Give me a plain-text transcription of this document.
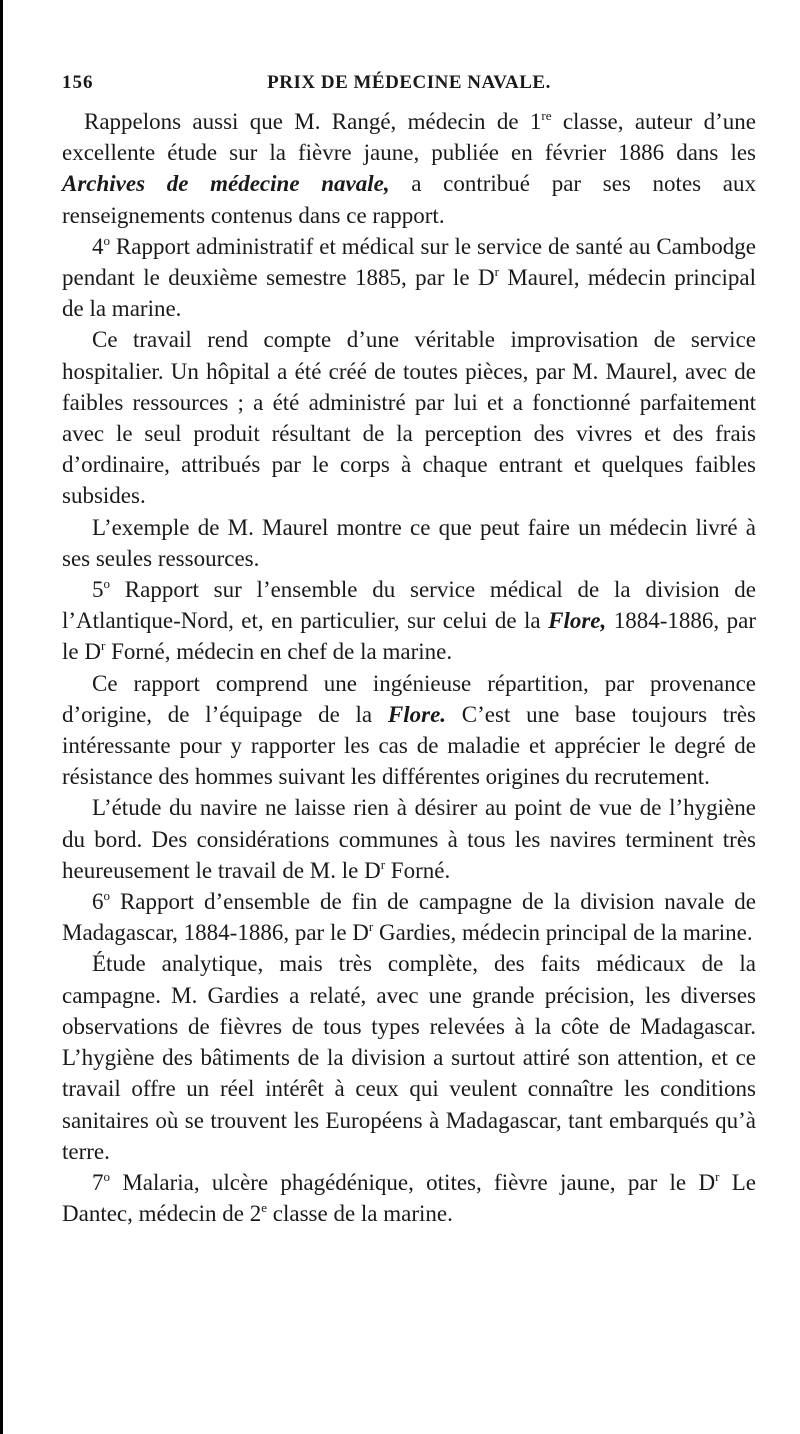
156	PRIX DE MÉDECINE NAVALE.

Rappelons aussi que M. Rangé, médecin de 1re classe, auteur d’une excellente étude sur la fièvre jaune, publiée en février 1886 dans les Archives de médecine navale, a contribué par ses notes aux renseignements contenus dans ce rapport.

4$^o$ Rapport administratif et médical sur le service de santé au Cambodge pendant le deuxième semestre 1885, par le $D^r$ Maurel, médecin principal de la marine.

Ce travail rend compte d’une véritable improvisation de service hospitalier. Un hôpital a été créé de toutes pièces, par M. Maurel, avec de faibles ressources ; a été administré par lui et a fonctionné parfaitement avec le seul produit résultant de la perception des vivres et des frais d’ordinaire, attribués par le corps à chaque entrant et quelques faibles subsides.

L’exemple de M. Maurel montre ce que peut faire un médecin livré à ses seules ressources.

5$^o$ Rapport sur l’ensemble du service médical de la division de l’Atlantique-Nord, et, en particulier, sur celui de la Flore, 1884-1886, par le $D^r$ Forné, médecin en chef de la marine.

Ce rapport comprend une ingénieuse répartition, par provenance d’origine, de l’équipage de la Flore. C’est une base toujours très intéressante pour y rapporter les cas de maladie et apprécier le degré de résistance des hommes suivant les différentes origines du recrutement.

L’étude du navire ne laisse rien à désirer au point de vue de l’hygiène du bord. Des considérations communes à tous les navires terminent très heureusement le travail de M. le $D^r$ Forné.

6$^o$ Rapport d’ensemble de fin de campagne de la division navale de Madagascar, 1884-1886, par le $D^r$ Gardies, médecin principal de la marine.

Étude analytique, mais très complète, des faits médicaux de la campagne. M. Gardies a relaté, avec une grande précision, les diverses observations de fièvres de tous types relevées à la côte de Madagascar. L’hygiène des bâtiments de la division a surtout attiré son attention, et ce travail offre un réel intérêt à ceux qui veulent connaître les conditions sanitaires où se trouvent les Européens à Madagascar, tant embarqués qu’à terre.

7$^o$ Malaria, ulcère phagédénique, otites, fièvre jaune, par le $D^r$ Le Dantec, médecin de 2e classe de la marine.
